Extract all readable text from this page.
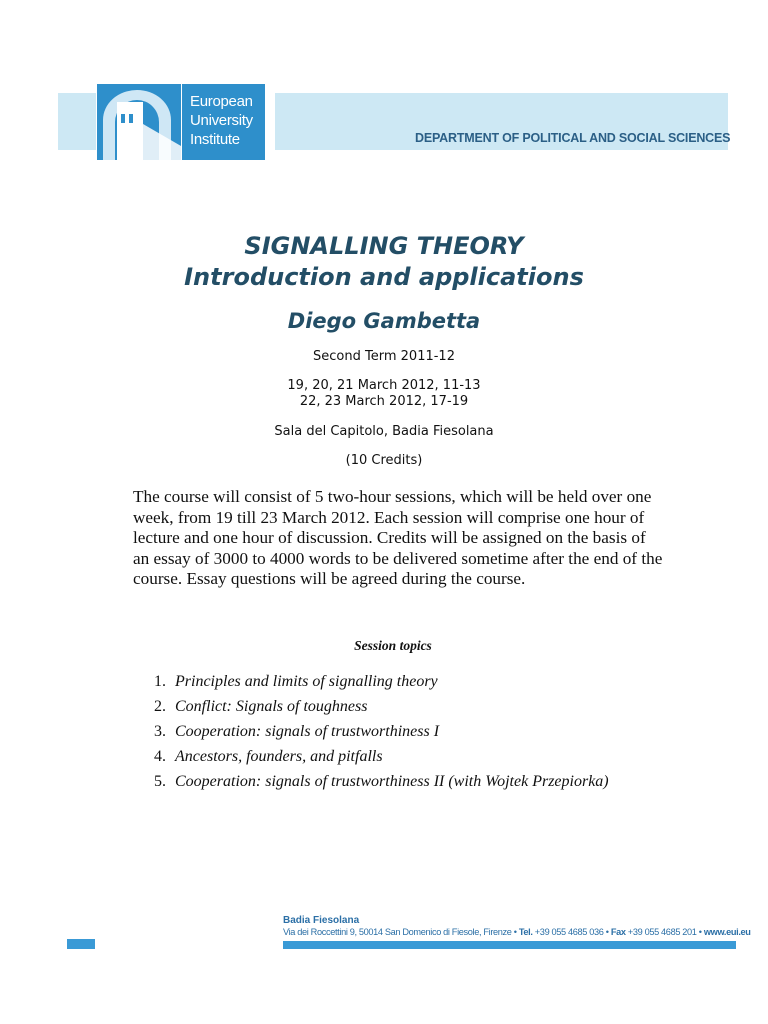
European
University
Institute	DEPARTMENT OF POLITICAL AND SOCIAL SCIENCES
SIGNALLING THEORY
Introduction and applications
Diego Gambetta
Second Term 2011-12
19, 20, 21 March 2012, 11-13
22, 23 March 2012, 17-19
Sala del Capitolo, Badia Fiesolana
(10 Credits)
The course will consist of 5 two-hour sessions, which will be held over one week, from 19 till 23 March 2012. Each session will comprise one hour of lecture and one hour of discussion. Credits will be assigned on the basis of an essay of 3000 to 4000 words to be delivered sometime after the end of the course. Essay questions will be agreed during the course.
Session topics
1. Principles and limits of signalling theory
2. Conflict: Signals of toughness
3. Cooperation: signals of trustworthiness I
4. Ancestors, founders, and pitfalls
5. Cooperation: signals of trustworthiness II (with Wojtek Przepiorka)
Badia Fiesolana
Via dei Roccettini 9, 50014 San Domenico di Fiesole, Firenze • Tel. +39 055 4685 036 • Fax +39 055 4685 201 • www.eui.eu
